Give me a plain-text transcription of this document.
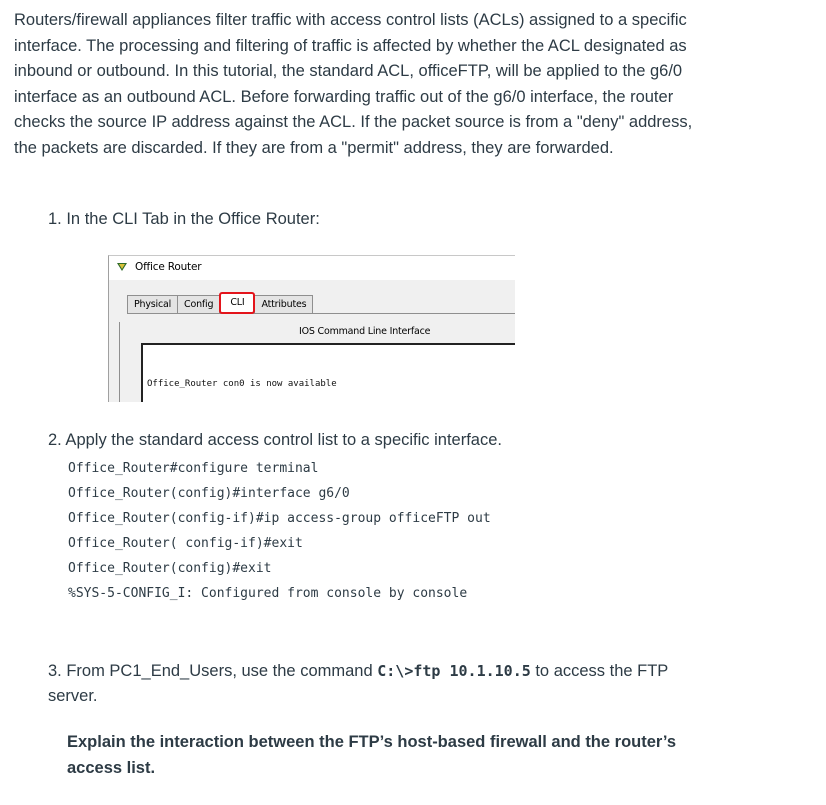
Routers/firewall appliances filter traffic with access control lists (ACLs) assigned to a specific interface. The processing and filtering of traffic is affected by whether the ACL designated as inbound or outbound. In this tutorial, the standard ACL, officeFTP, will be applied to the g6/0 interface as an outbound ACL. Before forwarding traffic out of the g6/0 interface, the router checks the source IP address against the ACL. If the packet source is from a "deny" address, the packets are discarded. If they are from a "permit" address, they are forwarded.

1. In the CLI Tab in the Office Router:

Office Router
Physical	Config	CLI	Attributes
IOS Command Line Interface
Office_Router con0 is now available

2. Apply the standard access control list to a specific interface.

Office_Router#configure terminal
Office_Router(config)#interface g6/0
Office_Router(config-if)#ip access-group officeFTP out
Office_Router( config-if)#exit
Office_Router(config)#exit
%SYS-5-CONFIG_I: Configured from console by console

3. From PC1_End_Users, use the command C:\>ftp 10.1.10.5 to access the FTP server.

Explain the interaction between the FTP’s host-based firewall and the router’s access list.
